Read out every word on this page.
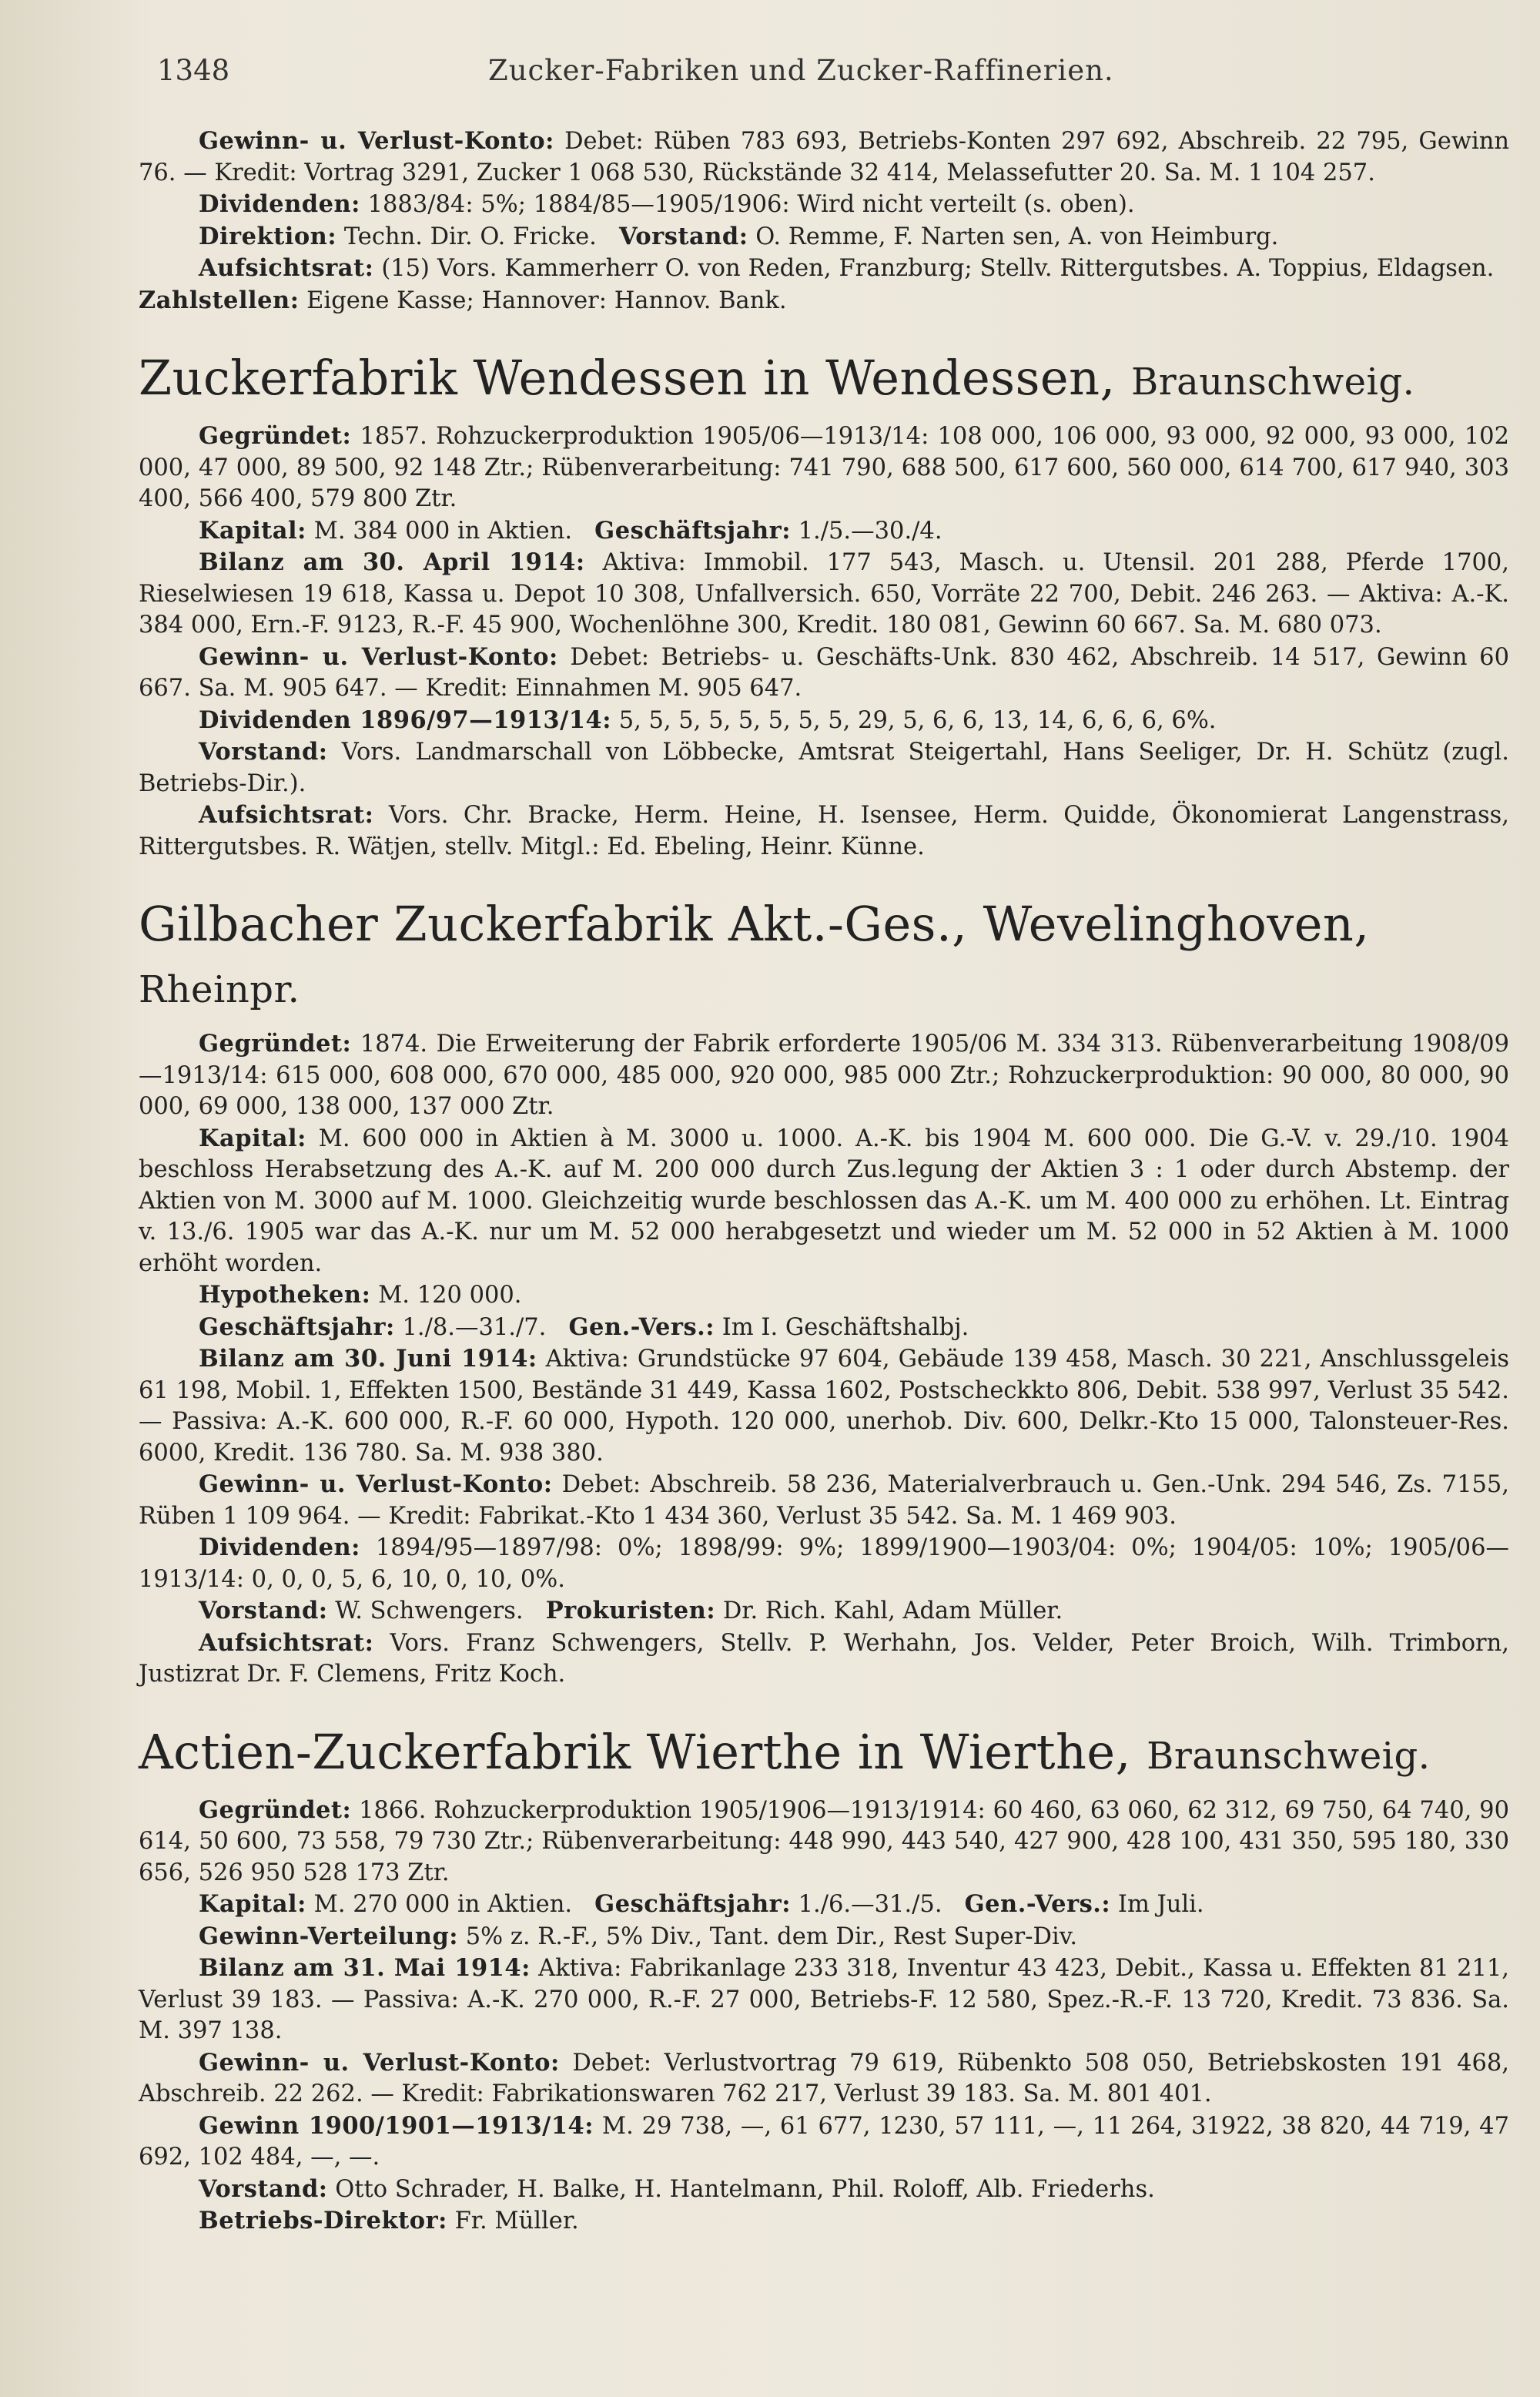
1348	Zucker-Fabriken und Zucker-Raffinerien.

Gewinn- u. Verlust-Konto: Debet: Rüben 783 693, Betriebs-Konten 297 692, Abschreib. 22 795, Gewinn 76. — Kredit: Vortrag 3291, Zucker 1 068 530, Rückstände 32 414, Melassefutter 20. Sa. M. 1 104 257.

Dividenden: 1883/84: 5%; 1884/85—1905/1906: Wird nicht verteilt (s. oben).

Direktion: Techn. Dir. O. Fricke. Vorstand: O. Remme, F. Narten sen, A. von Heimburg.

Aufsichtsrat: (15) Vors. Kammerherr O. von Reden, Franzburg; Stellv. Rittergutsbes. A. Toppius, Eldagsen.   Zahlstellen: Eigene Kasse; Hannover: Hannov. Bank.

Zuckerfabrik Wendessen in Wendessen, Braunschweig.

Gegründet: 1857. Rohzuckerproduktion 1905/06—1913/14: 108 000, 106 000, 93 000, 92 000, 93 000, 102 000, 47 000, 89 500, 92 148 Ztr.; Rübenverarbeitung: 741 790, 688 500, 617 600, 560 000, 614 700, 617 940, 303 400, 566 400, 579 800 Ztr.

Kapital: M. 384 000 in Aktien. Geschäftsjahr: 1./5.—30./4.

Bilanz am 30. April 1914: Aktiva: Immobil. 177 543, Masch. u. Utensil. 201 288, Pferde 1700, Rieselwiesen 19 618, Kassa u. Depot 10 308, Unfallversich. 650, Vorräte 22 700, Debit. 246 263. — Aktiva: A.-K. 384 000, Ern.-F. 9123, R.-F. 45 900, Wochenlöhne 300, Kredit. 180 081, Gewinn 60 667. Sa. M. 680 073.

Gewinn- u. Verlust-Konto: Debet: Betriebs- u. Geschäfts-Unk. 830 462, Abschreib. 14 517, Gewinn 60 667. Sa. M. 905 647. — Kredit: Einnahmen M. 905 647.

Dividenden 1896/97—1913/14: 5, 5, 5, 5, 5, 5, 5, 5, 29, 5, 6, 6, 13, 14, 6, 6, 6, 6%.

Vorstand: Vors. Landmarschall von Löbbecke, Amtsrat Steigertahl, Hans Seeliger, Dr. H. Schütz (zugl. Betriebs-Dir.).

Aufsichtsrat: Vors. Chr. Bracke, Herm. Heine, H. Isensee, Herm. Quidde, Ökonomierat Langenstrass, Rittergutsbes. R. Wätjen, stellv. Mitgl.: Ed. Ebeling, Heinr. Künne.

Gilbacher Zuckerfabrik Akt.-Ges., Wevelinghoven, Rheinpr.

Gegründet: 1874. Die Erweiterung der Fabrik erforderte 1905/06 M. 334 313. Rübenverarbeitung 1908/09—1913/14: 615 000, 608 000, 670 000, 485 000, 920 000, 985 000 Ztr.; Rohzuckerproduktion: 90 000, 80 000, 90 000, 69 000, 138 000, 137 000 Ztr.

Kapital: M. 600 000 in Aktien à M. 3000 u. 1000. A.-K. bis 1904 M. 600 000. Die G.-V. v. 29./10. 1904 beschloss Herabsetzung des A.-K. auf M. 200 000 durch Zus.legung der Aktien 3 : 1 oder durch Abstemp. der Aktien von M. 3000 auf M. 1000. Gleichzeitig wurde beschlossen das A.-K. um M. 400 000 zu erhöhen. Lt. Eintrag v. 13./6. 1905 war das A.-K. nur um M. 52 000 herabgesetzt und wieder um M. 52 000 in 52 Aktien à M. 1000 erhöht worden.

Hypotheken: M. 120 000.

Geschäftsjahr: 1./8.—31./7. Gen.-Vers.: Im I. Geschäftshalbj.

Bilanz am 30. Juni 1914: Aktiva: Grundstücke 97 604, Gebäude 139 458, Masch. 30 221, Anschlussgeleis 61 198, Mobil. 1, Effekten 1500, Bestände 31 449, Kassa 1602, Postscheckkto 806, Debit. 538 997, Verlust 35 542. — Passiva: A.-K. 600 000, R.-F. 60 000, Hypoth. 120 000, unerhob. Div. 600, Delkr.-Kto 15 000, Talonsteuer-Res. 6000, Kredit. 136 780. Sa. M. 938 380.

Gewinn- u. Verlust-Konto: Debet: Abschreib. 58 236, Materialverbrauch u. Gen.-Unk. 294 546, Zs. 7155, Rüben 1 109 964. — Kredit: Fabrikat.-Kto 1 434 360, Verlust 35 542. Sa. M. 1 469 903.

Dividenden: 1894/95—1897/98: 0%; 1898/99: 9%; 1899/1900—1903/04: 0%; 1904/05: 10%; 1905/06—1913/14: 0, 0, 0, 5, 6, 10, 0, 10, 0%.

Vorstand: W. Schwengers. Prokuristen: Dr. Rich. Kahl, Adam Müller.

Aufsichtsrat: Vors. Franz Schwengers, Stellv. P. Werhahn, Jos. Velder, Peter Broich, Wilh. Trimborn, Justizrat Dr. F. Clemens, Fritz Koch.

Actien-Zuckerfabrik Wierthe in Wierthe, Braunschweig.

Gegründet: 1866. Rohzuckerproduktion 1905/1906—1913/1914: 60 460, 63 060, 62 312, 69 750, 64 740, 90 614, 50 600, 73 558, 79 730 Ztr.; Rübenverarbeitung: 448 990, 443 540, 427 900, 428 100, 431 350, 595 180, 330 656, 526 950 528 173 Ztr.

Kapital: M. 270 000 in Aktien. Geschäftsjahr: 1./6.—31./5. Gen.-Vers.: Im Juli.

Gewinn-Verteilung: 5% z. R.-F., 5% Div., Tant. dem Dir., Rest Super-Div.

Bilanz am 31. Mai 1914: Aktiva: Fabrikanlage 233 318, Inventur 43 423, Debit., Kassa u. Effekten 81 211, Verlust 39 183. — Passiva: A.-K. 270 000, R.-F. 27 000, Betriebs-F. 12 580, Spez.-R.-F. 13 720, Kredit. 73 836. Sa. M. 397 138.

Gewinn- u. Verlust-Konto: Debet: Verlustvortrag 79 619, Rübenkto 508 050, Betriebskosten 191 468, Abschreib. 22 262. — Kredit: Fabrikationswaren 762 217, Verlust 39 183. Sa. M. 801 401.

Gewinn 1900/1901—1913/14: M. 29 738, —, 61 677, 1230, 57 111, —, 11 264, 31922, 38 820, 44 719, 47 692, 102 484, —, —.

Vorstand: Otto Schrader, H. Balke, H. Hantelmann, Phil. Roloff, Alb. Friederhs.

Betriebs-Direktor: Fr. Müller.
